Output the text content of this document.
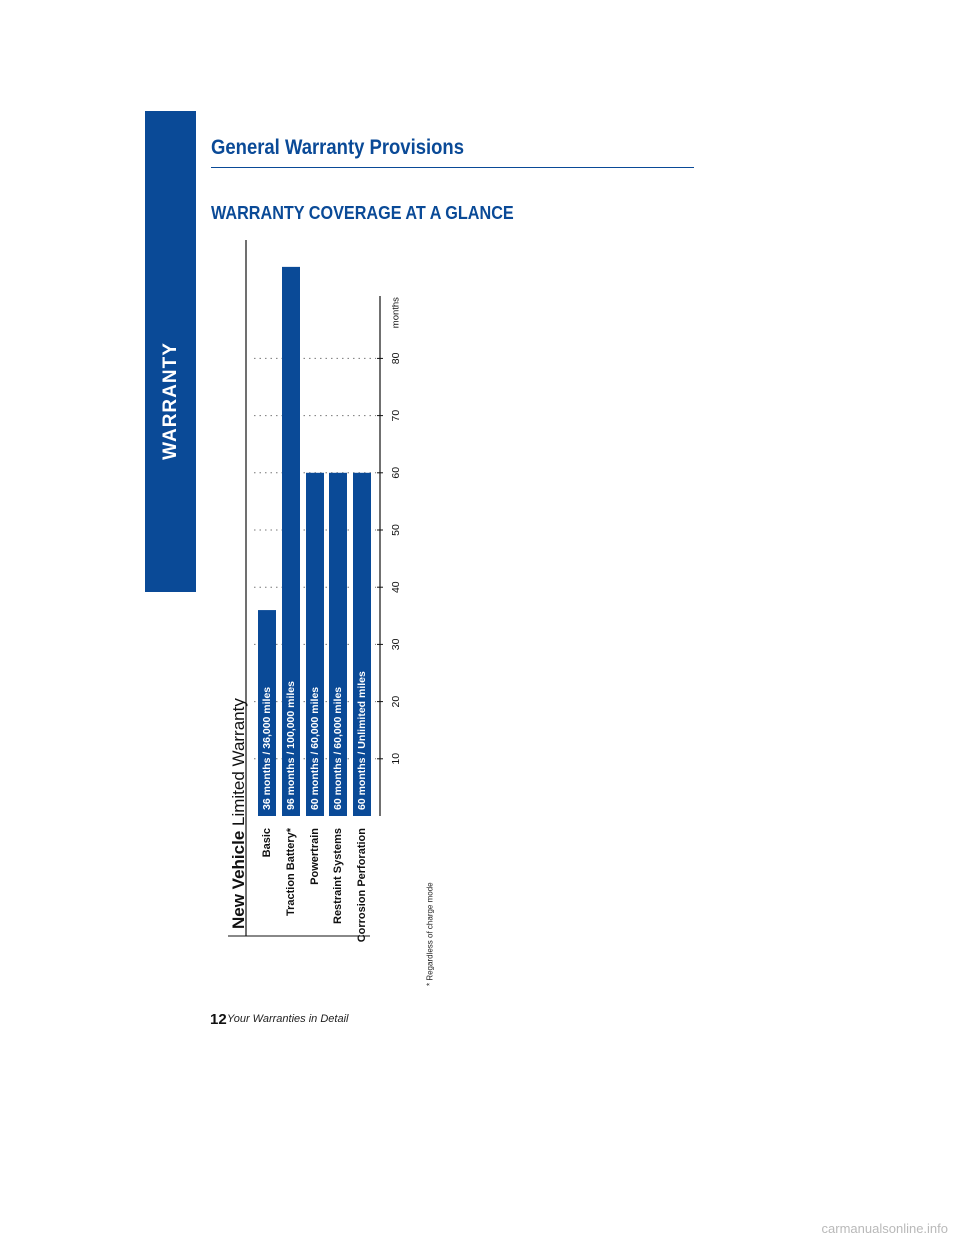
WARRANTY
General Warranty Provisions
WARRANTY COVERAGE AT A GLANCE
36 months / 36,000 miles 96 months / 100,000 miles 60 months / 60,000 miles 60 months / 60,000 miles 60 months / Unlimited miles
Basic Traction Battery* Powertrain Restraint Systems Corrosion Perforation
10
20
30
40
50
60
70
80
months
New Vehicle Limited Warranty
* Regardless of charge mode
12 Your Warranties in Detail
carmanualsonline.info
